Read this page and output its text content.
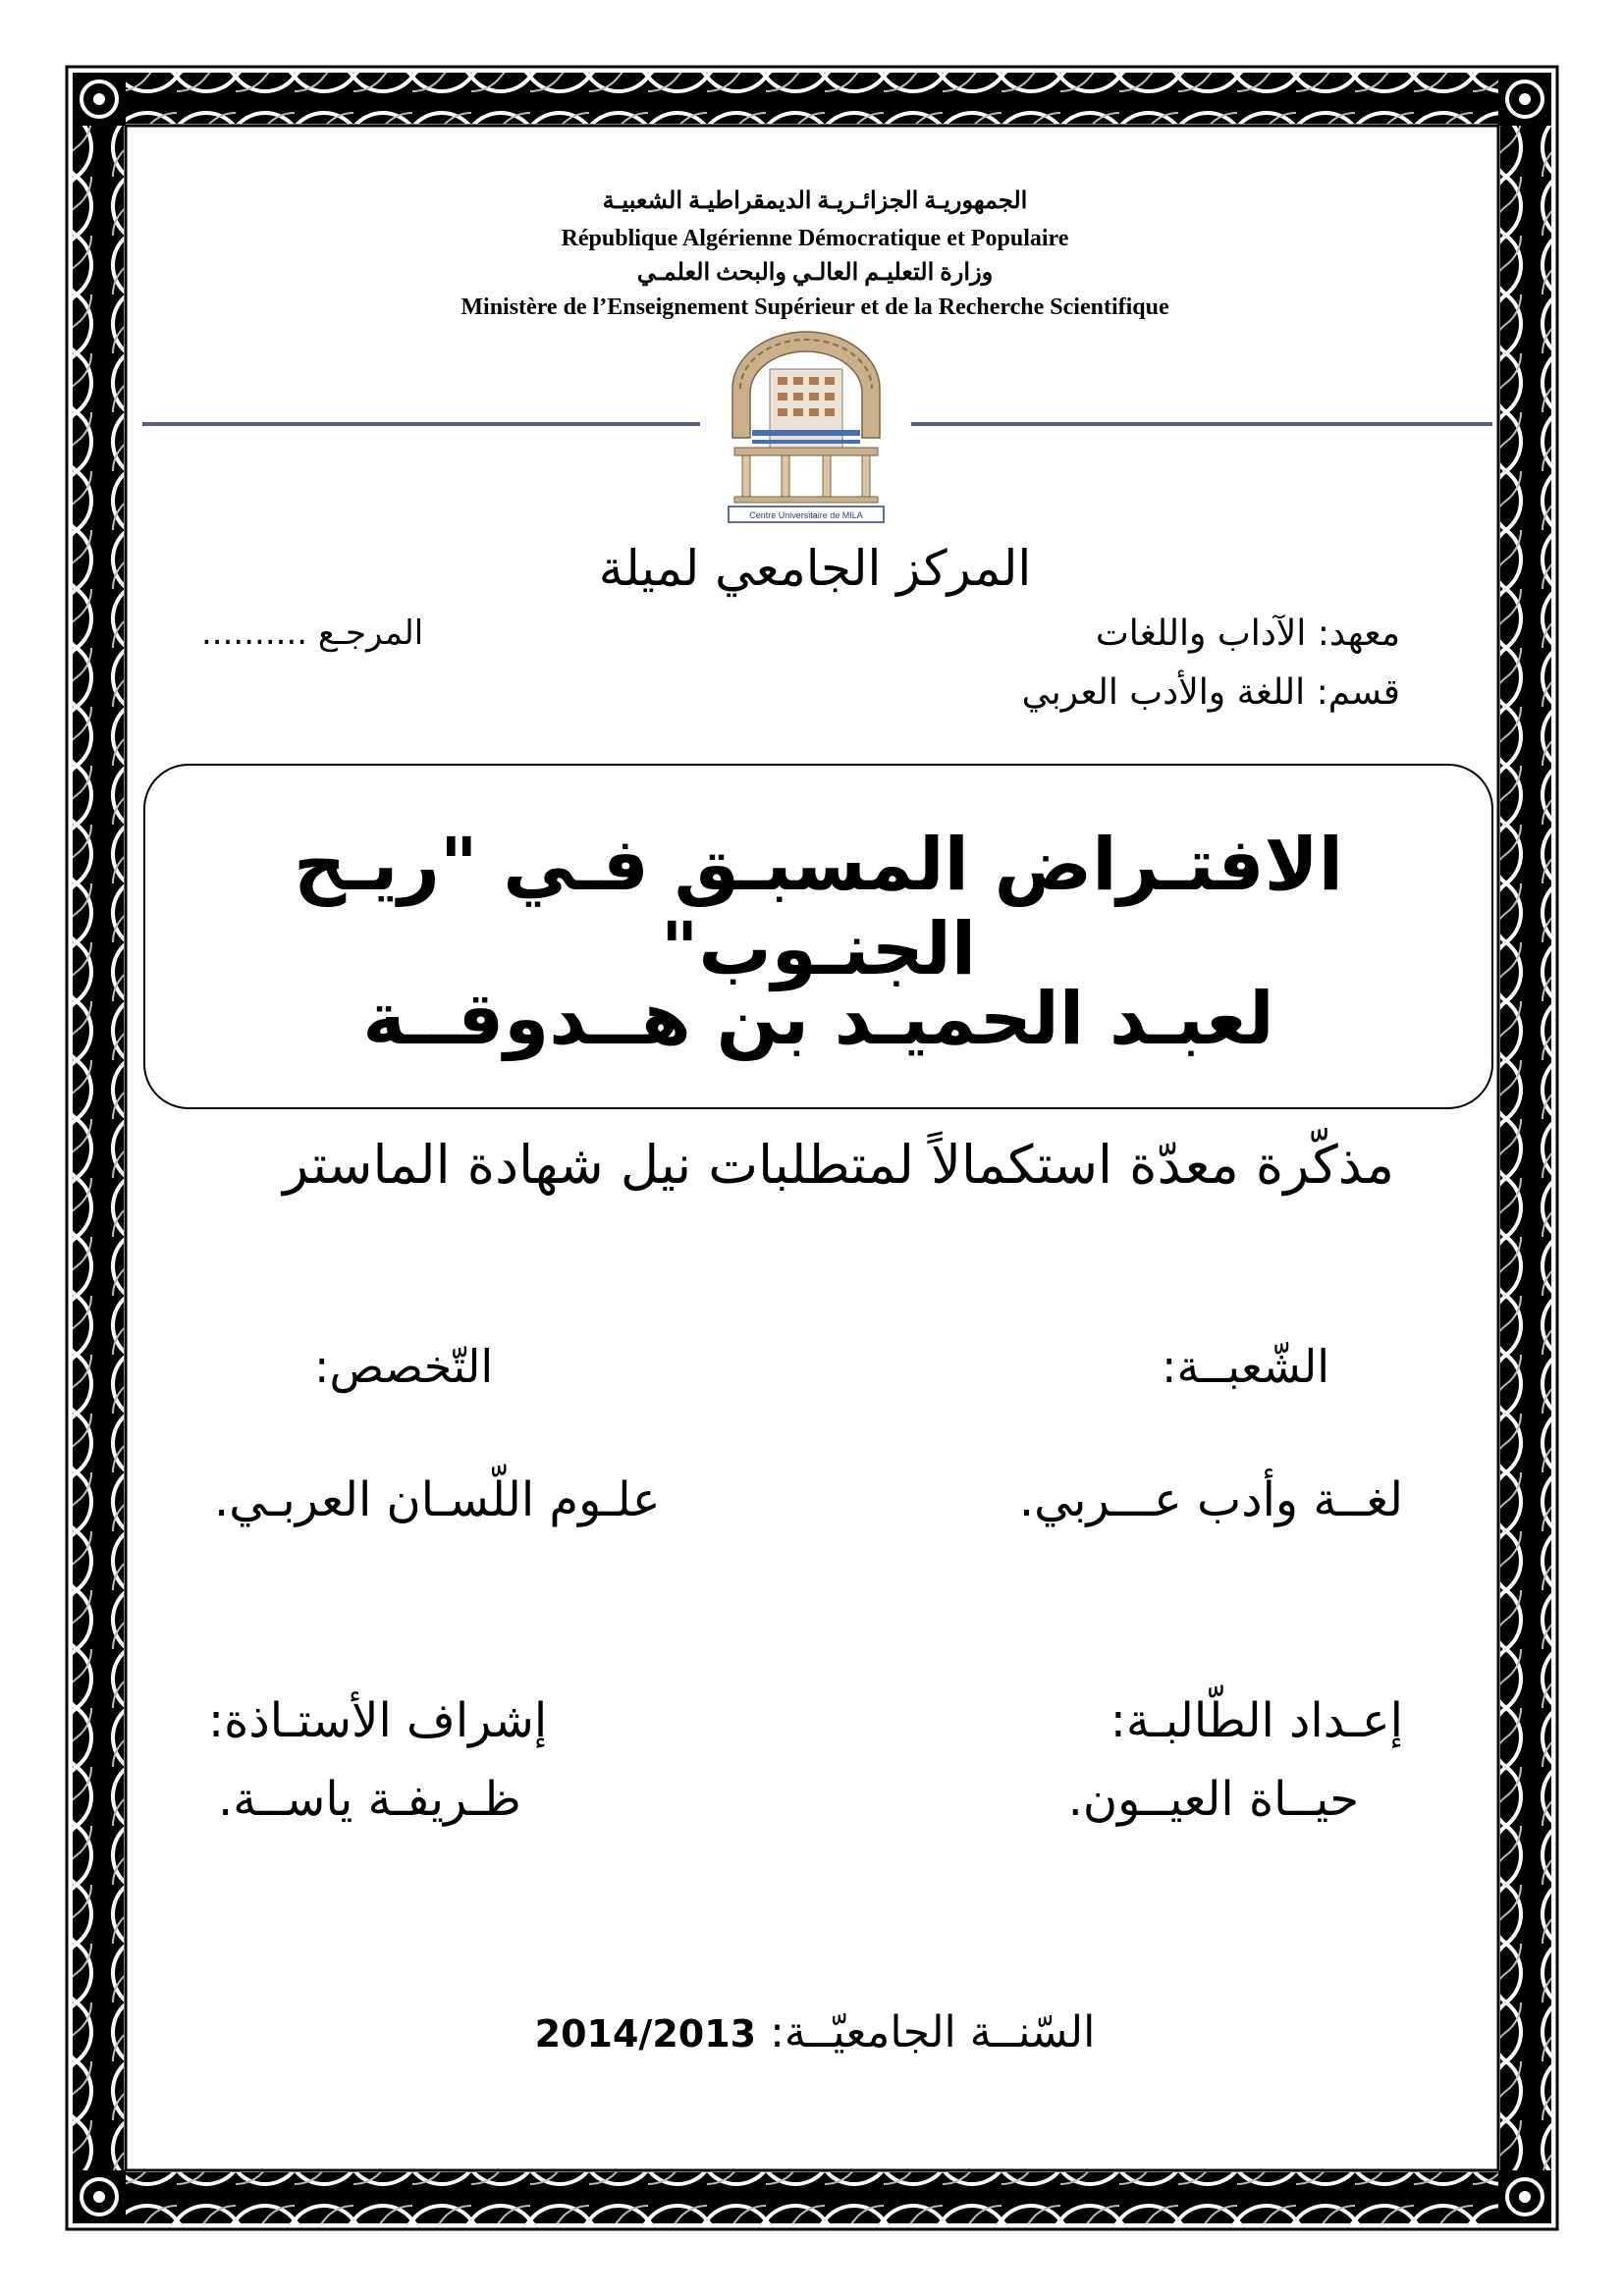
الجمهوريـة الجزائـريـة الديمقراطيـة الشعبيـة
République Algérienne Démocratique et Populaire
وزارة التعليـم العالـي والبحث العلمـي
Ministère de l’Enseignement Supérieur et de la Recherche Scientifique
Centre Universitaire de MILA
المركز الجامعي لميلة
معهد: الآداب واللغات
المرجـع ..........
قسم: اللغة والأدب العربي
الافتـراض المسبـق فـي "ريـح الجنـوب"
لعبـد الحميـد بن هــدوقــة
مذكّرة معدّة استكمالاً لمتطلبات نيل شهادة الماستر
الشّعبــة:
التّخصص:
لغــة وأدب عـــربي.
علـوم اللّسـان العربـي.
إعـداد الطّالبـة:
إشراف الأستـاذة:
حيــاة العيــون.
ظـريفـة ياســة.
السّنــة الجامعيّــة: 2014/2013
